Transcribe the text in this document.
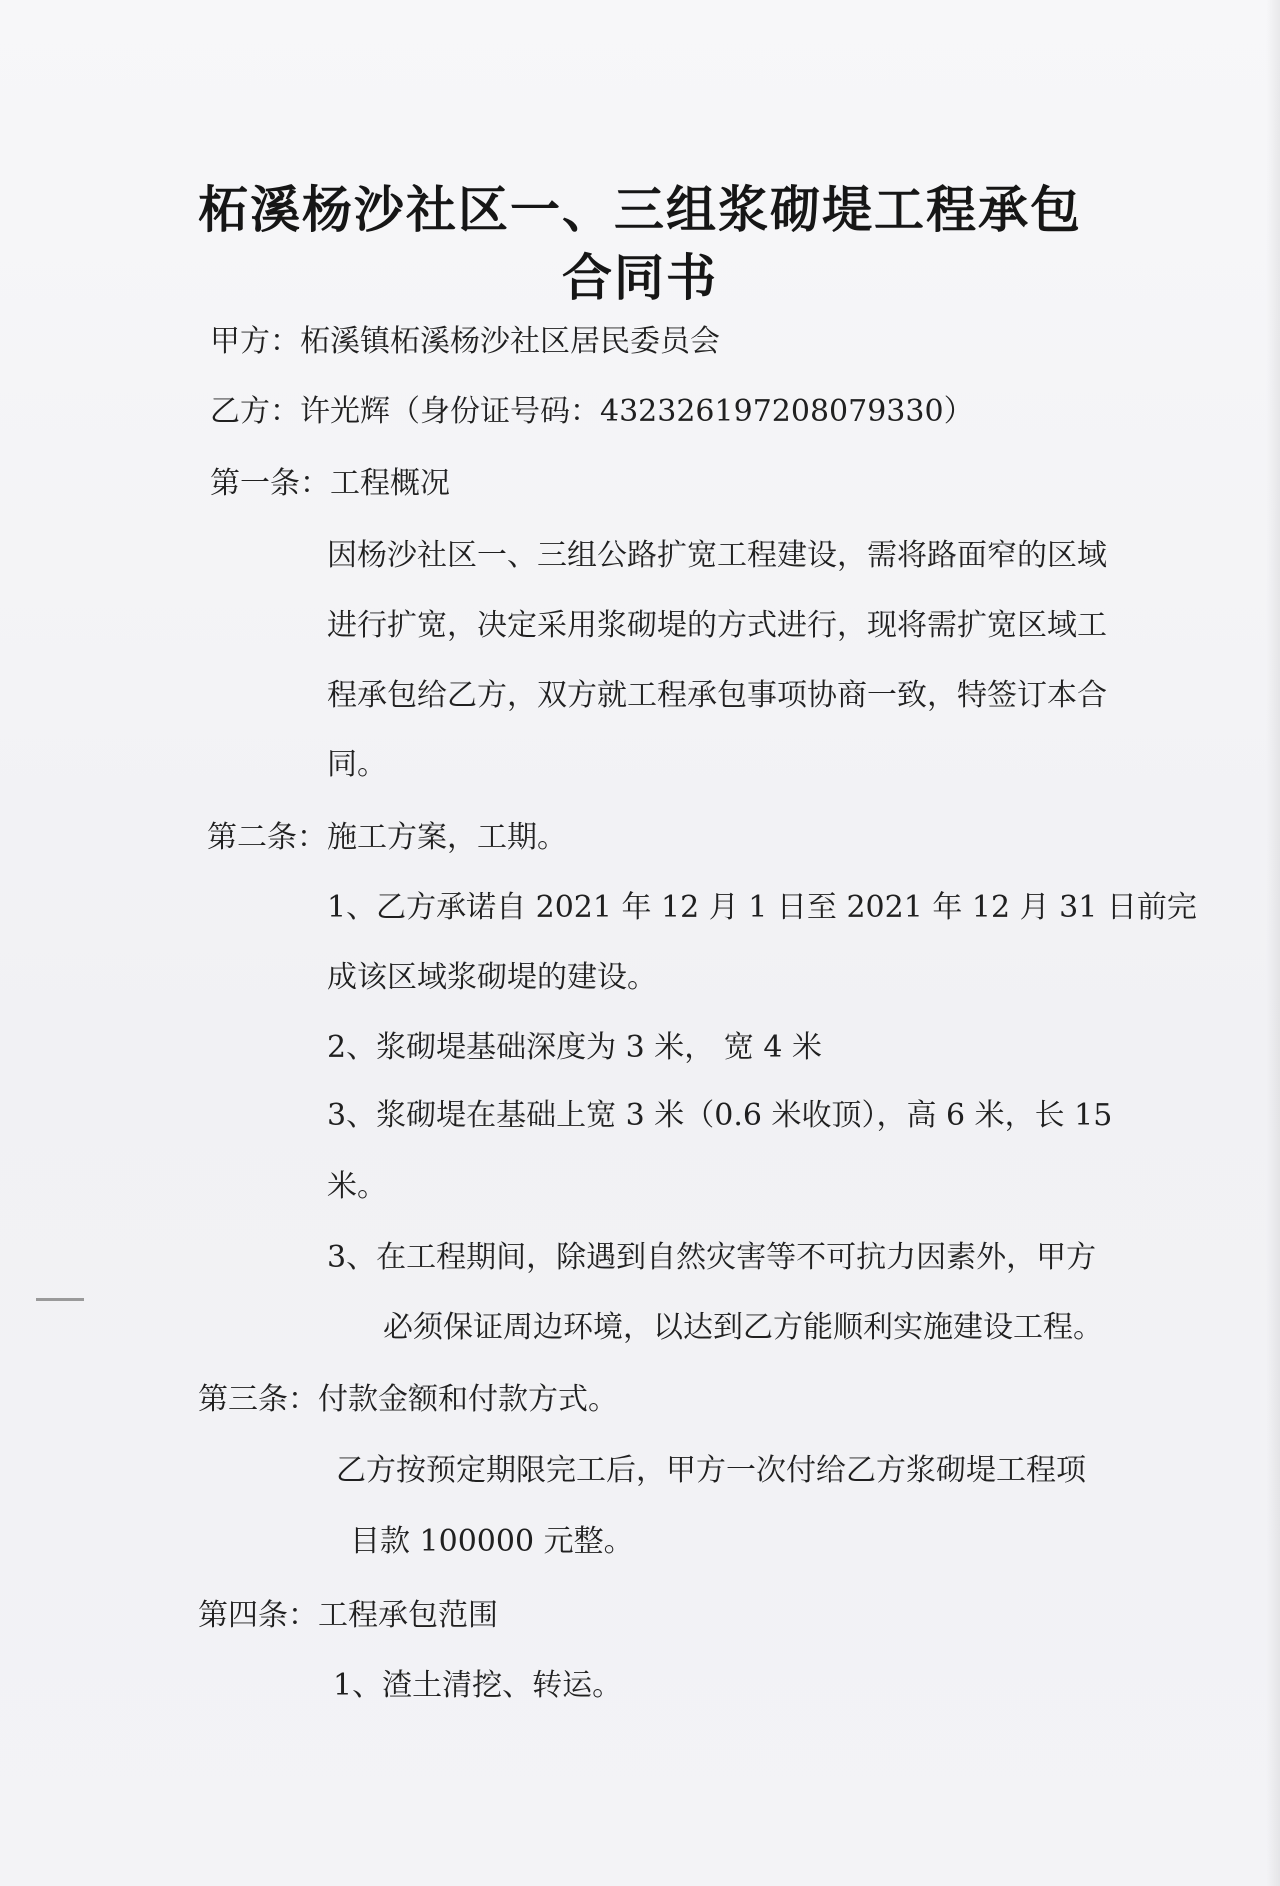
柘溪杨沙社区一、三组浆砌堤工程承包
合同书
甲方：柘溪镇柘溪杨沙社区居民委员会
乙方：许光辉（身份证号码：432326197208079330）
第一条：工程概况
因杨沙社区一、三组公路扩宽工程建设，需将路面窄的区域
进行扩宽，决定采用浆砌堤的方式进行，现将需扩宽区域工
程承包给乙方，双方就工程承包事项协商一致，特签订本合
同。
第二条：施工方案，工期。
1、乙方承诺自 2021 年 12 月 1 日至 2021 年 12 月 31 日前完
成该区域浆砌堤的建设。
2、浆砌堤基础深度为 3 米， 宽 4 米
3、浆砌堤在基础上宽 3 米（0.6 米收顶），高 6 米，长 15
米。
3、在工程期间，除遇到自然灾害等不可抗力因素外，甲方
必须保证周边环境，以达到乙方能顺利实施建设工程。
第三条：付款金额和付款方式。
乙方按预定期限完工后，甲方一次付给乙方浆砌堤工程项
目款 100000 元整。
第四条：工程承包范围
1、渣土清挖、转运。
